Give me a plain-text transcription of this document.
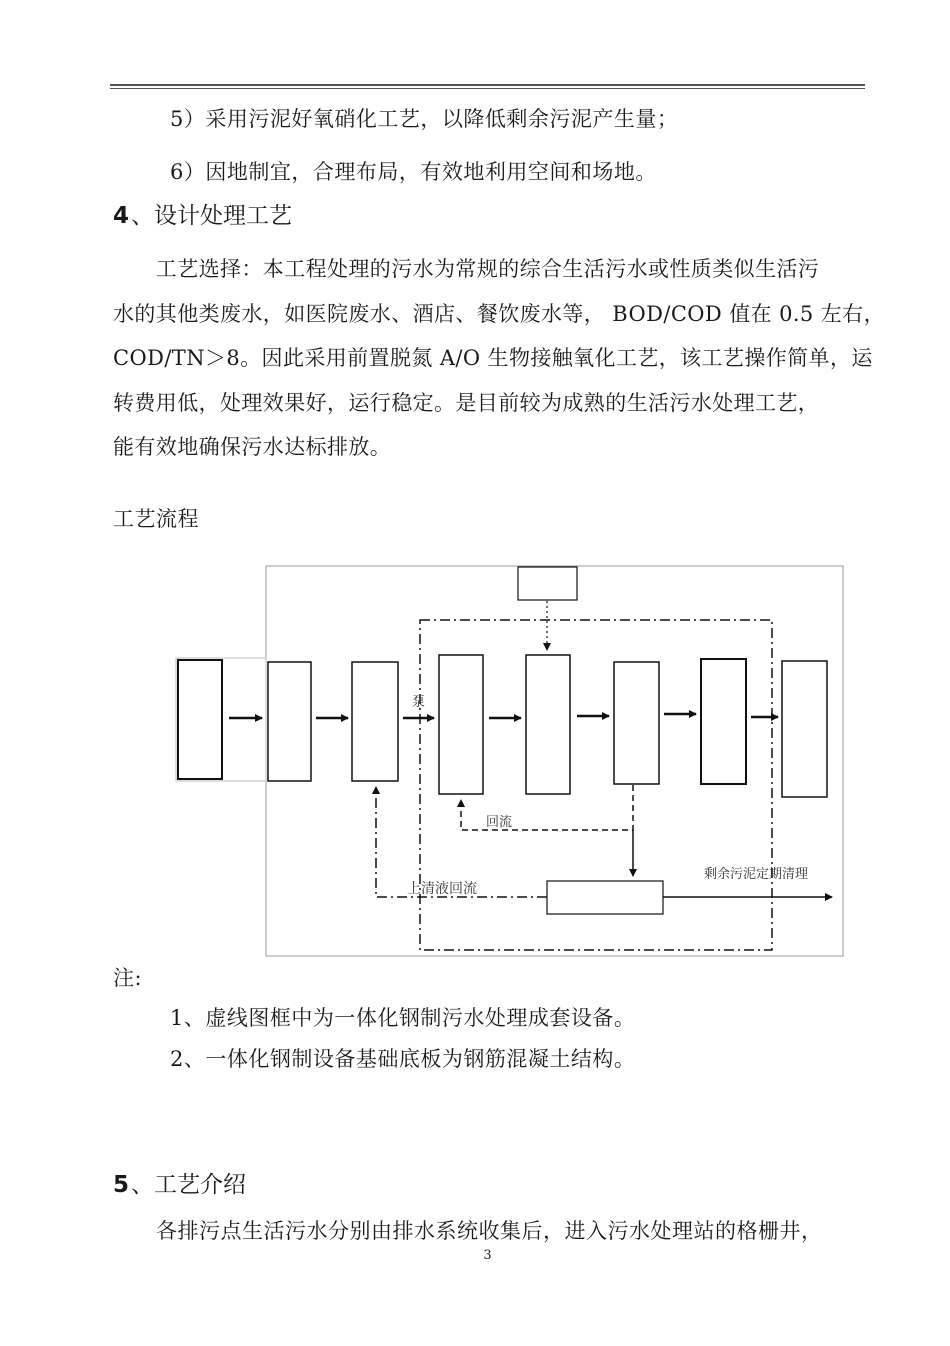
5）采用污泥好氧硝化工艺，以降低剩余污泥产生量；
6）因地制宜，合理布局，有效地利用空间和场地。
4、设计处理工艺
　　工艺选择：本工程处理的污水为常规的综合生活污水或性质类似生活污
水的其他类废水，如医院废水、酒店、餐饮废水等， BOD/COD 值在 0.5 左右，
COD/TN＞8。因此采用前置脱氮 A/O 生物接触氧化工艺，该工艺操作简单，运
转费用低，处理效果好，运行稳定。是目前较为成熟的生活污水处理工艺，
能有效地确保污水达标排放。
工艺流程
泵
回流
上清液回流
剩余污泥定期清理
注:
1、虚线图框中为一体化钢制污水处理成套设备。
2、一体化钢制设备基础底板为钢筋混凝土结构。
5、工艺介绍
　　各排污点生活污水分别由排水系统收集后，进入污水处理站的格栅井，
3
